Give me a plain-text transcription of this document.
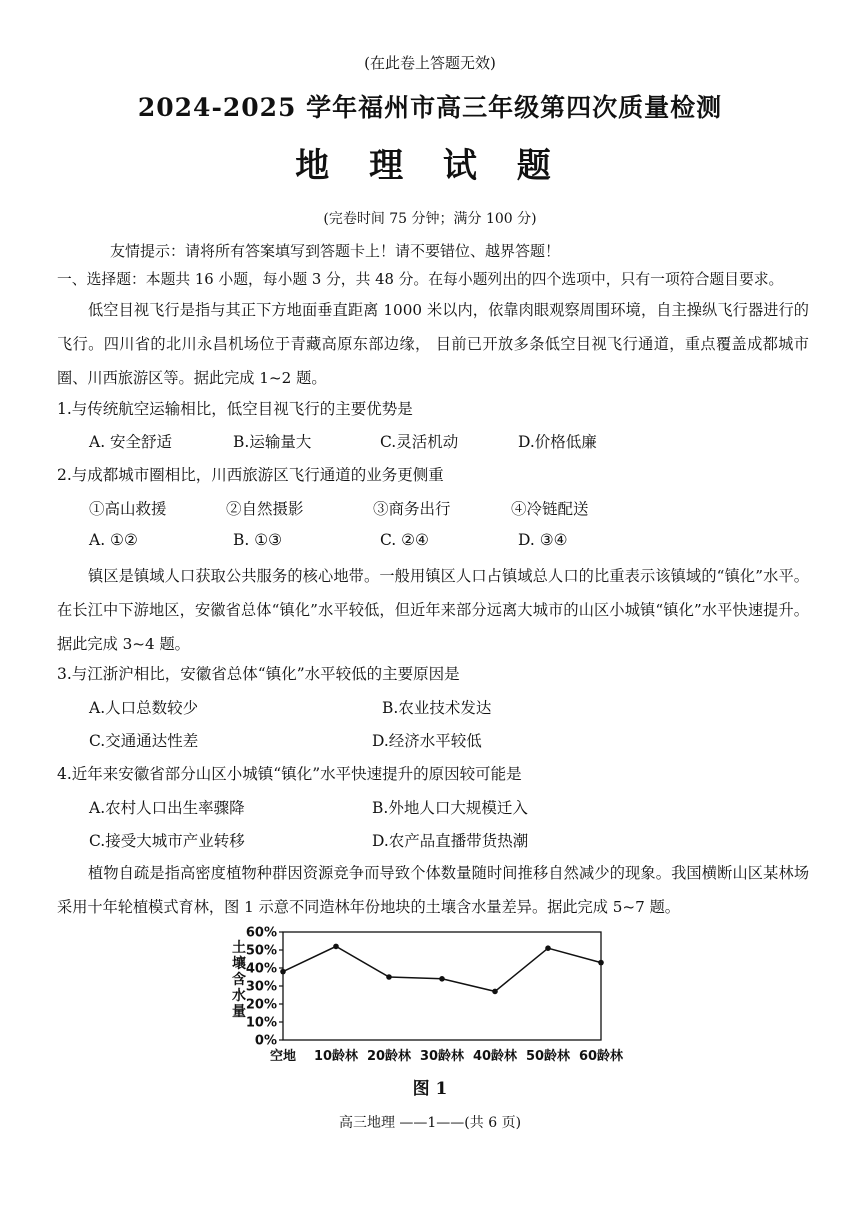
(在此卷上答题无效)
2024-2025 学年福州市高三年级第四次质量检测
地 理 试 题
(完卷时间 75 分钟；满分 100 分)
友情提示：请将所有答案填写到答题卡上！请不要错位、越界答题！
一、选择题：本题共 16 小题，每小题 3 分，共 48 分。在每小题列出的四个选项中，只有一项符合题目要求。
低空目视飞行是指与其正下方地面垂直距离 1000 米以内，依靠肉眼观察周围环境，自主操纵飞行器进行的飞行。四川省的北川永昌机场位于青藏高原东部边缘， 目前已开放多条低空目视飞行通道，重点覆盖成都城市圈、川西旅游区等。据此完成 1~2 题。
1.与传统航空运输相比，低空目视飞行的主要优势是
A. 安全舒适	B.运输量大	C.灵活机动	D.价格低廉
2.与成都城市圈相比，川西旅游区飞行通道的业务更侧重
①高山救援	②自然摄影	③商务出行	④冷链配送
A. ①②	B. ①③	C. ②④	D. ③④
镇区是镇域人口获取公共服务的核心地带。一般用镇区人口占镇域总人口的比重表示该镇域的“镇化”水平。在长江中下游地区，安徽省总体“镇化”水平较低，但近年来部分远离大城市的山区小城镇“镇化”水平快速提升。据此完成 3~4 题。
3.与江浙沪相比，安徽省总体“镇化”水平较低的主要原因是
A.人口总数较少	B.农业技术发达
C.交通通达性差	D.经济水平较低
4.近年来安徽省部分山区小城镇“镇化”水平快速提升的原因较可能是
A.农村人口出生率骤降	B.外地人口大规模迁入
C.接受大城市产业转移	D.农产品直播带货热潮
植物自疏是指高密度植物种群因资源竞争而导致个体数量随时间推移自然减少的现象。我国横断山区某林场采用十年轮植模式育林，图 1 示意不同造林年份地块的土壤含水量差异。据此完成 5~7 题。
土
壤
含
水
量
0%
10%
20%
30%
40%
50%
60%
空地 10龄林 20龄林 30龄林 40龄林 50龄林 60龄林
图 1
高三地理 ——1——(共 6 页)
